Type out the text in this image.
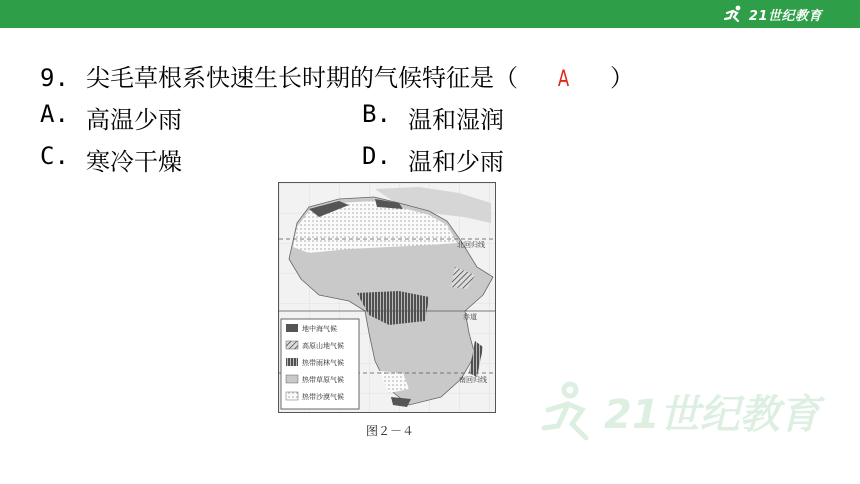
21世纪教育
9. 尖毛草根系快速生长时期的气候特征是（	A	）
A. 高温少雨	B. 温和湿润
C. 寒冷干燥	D. 温和少雨
北回归线
赤道
南回归线
地中海气候
高原山地气候
热带雨林气候
热带草原气候
热带沙漠气候
图２－４	21世纪教育
